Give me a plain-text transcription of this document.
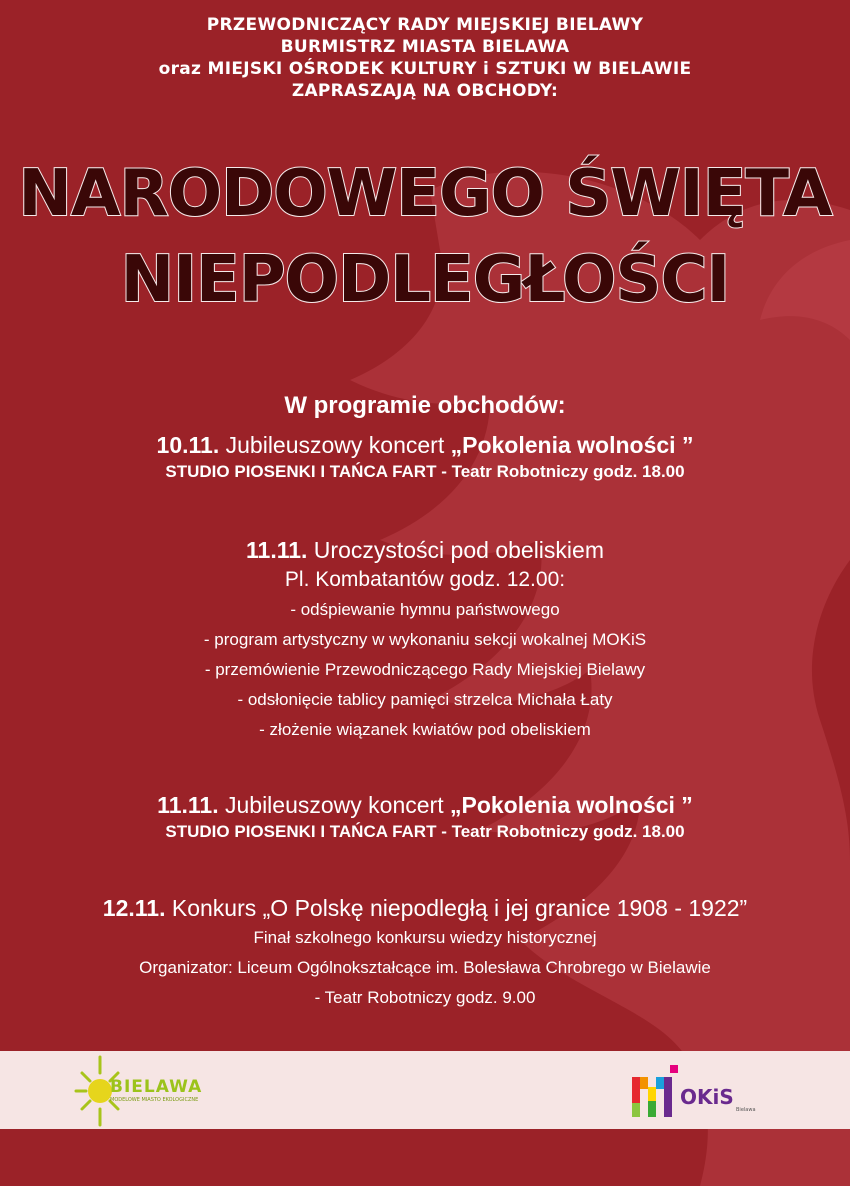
PRZEWODNICZĄCY RADY MIEJSKIEJ BIELAWY
BURMISTRZ MIASTA BIELAWA
oraz MIEJSKI OŚRODEK KULTURY i SZTUKI W BIELAWIE
ZAPRASZAJĄ NA OBCHODY:
NARODOWEGO ŚWIĘTA
NIEPODLEGŁOŚCI
W programie obchodów:
10.11. Jubileuszowy koncert „Pokolenia wolności ”
STUDIO PIOSENKI I TAŃCA FART - Teatr Robotniczy godz. 18.00
11.11. Uroczystości pod obeliskiem
Pl. Kombatantów godz. 12.00:
- odśpiewanie hymnu państwowego
- program artystyczny w wykonaniu sekcji wokalnej MOKiS
- przemówienie Przewodniczącego Rady Miejskiej Bielawy
- odsłonięcie tablicy pamięci strzelca Michała Łaty
- złożenie wiązanek kwiatów pod obeliskiem
11.11. Jubileuszowy koncert „Pokolenia wolności ”
STUDIO PIOSENKI I TAŃCA FART - Teatr Robotniczy godz. 18.00
12.11. Konkurs „O Polskę niepodległą i jej granice 1908 - 1922”
Finał szkolnego konkursu wiedzy historycznej
Organizator: Liceum Ogólnokształcące im. Bolesława Chrobrego w Bielawie
- Teatr Robotniczy godz. 9.00
BIELAWA
MODELOWE MIASTO EKOLOGICZNE	OKiS
Bielawa
